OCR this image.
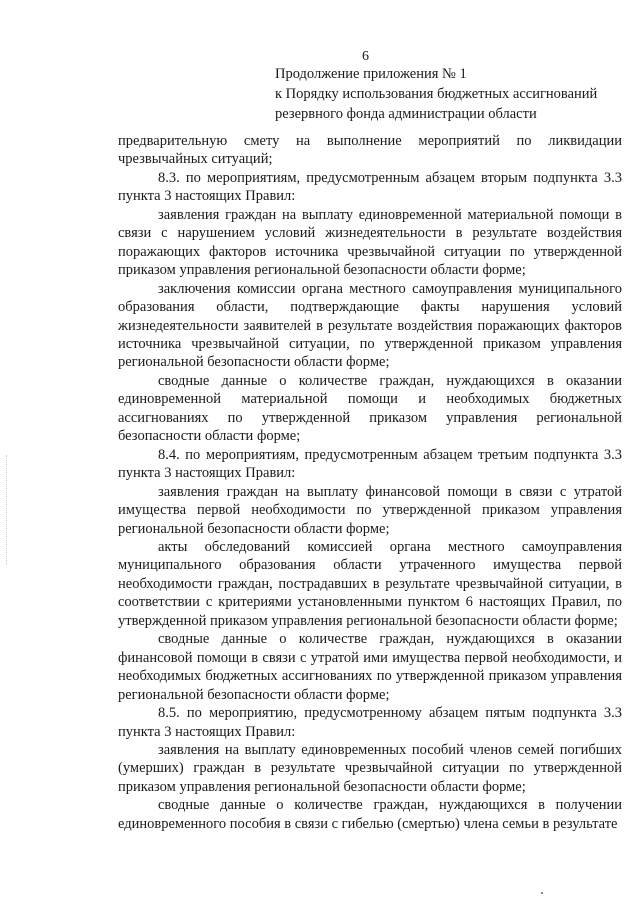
6
Продолжение приложения № 1
к Порядку использования бюджетных ассигнований
резервного фонда администрации области

предварительную смету на выполнение мероприятий по ликвидации чрезвычайных ситуаций;

8.3. по мероприятиям, предусмотренным абзацем вторым подпункта 3.3 пункта 3 настоящих Правил:

заявления граждан на выплату единовременной материальной помощи в связи с нарушением условий жизнедеятельности в результате воздействия поражающих факторов источника чрезвычайной ситуации по утвержденной приказом управления региональной безопасности области форме;

заключения комиссии органа местного самоуправления муниципального образования области, подтверждающие факты нарушения условий жизнедеятельности заявителей в результате воздействия поражающих факторов источника чрезвычайной ситуации, по утвержденной приказом управления региональной безопасности области форме;

сводные данные о количестве граждан, нуждающихся в оказании единовременной материальной помощи и необходимых бюджетных ассигнованиях по утвержденной приказом управления региональной безопасности области форме;

8.4. по мероприятиям, предусмотренным абзацем третьим подпункта 3.3 пункта 3 настоящих Правил:

заявления граждан на выплату финансовой помощи в связи с утратой имущества первой необходимости по утвержденной приказом управления региональной безопасности области форме;

акты обследований комиссией органа местного самоуправления муниципального образования области утраченного имущества первой необходимости граждан, пострадавших в результате чрезвычайной ситуации, в соответствии с критериями установленными пунктом 6 настоящих Правил, по утвержденной приказом управления региональной безопасности области форме;

сводные данные о количестве граждан, нуждающихся в оказании финансовой помощи в связи с утратой ими имущества первой необходимости, и необходимых бюджетных ассигнованиях по утвержденной приказом управления региональной безопасности области форме;

8.5. по мероприятию, предусмотренному абзацем пятым подпункта 3.3 пункта 3 настоящих Правил:

заявления на выплату единовременных пособий членов семей погибших (умерших) граждан в результате чрезвычайной ситуации по утвержденной приказом управления региональной безопасности области форме;

сводные данные о количестве граждан, нуждающихся в получении единовременного пособия в связи с гибелью (смертью) члена семьи в результате
